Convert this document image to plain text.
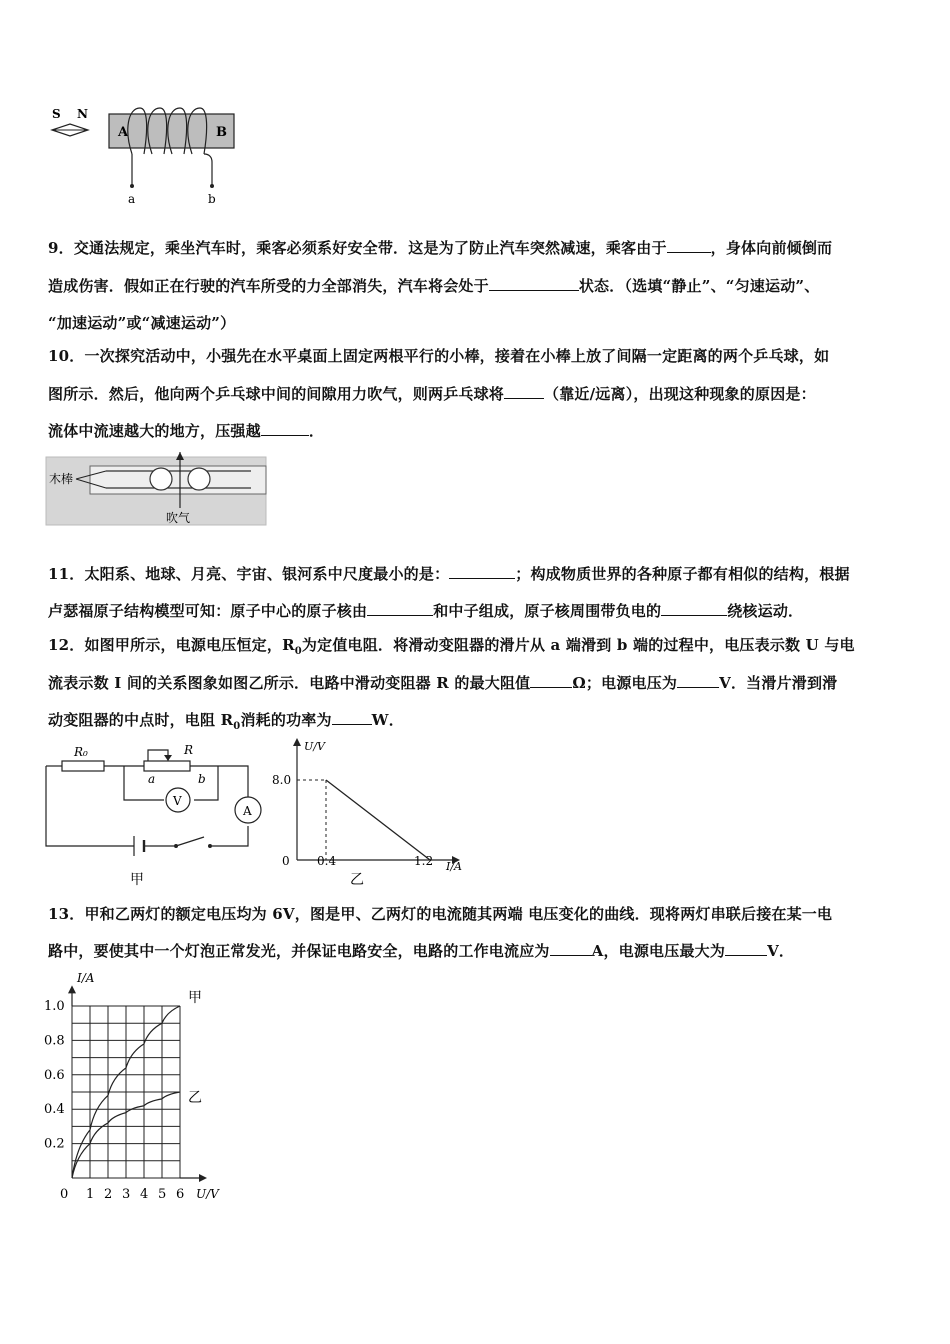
S N
A	B
a	b
9．交通法规定，乘坐汽车时，乘客必须系好安全带．这是为了防止汽车突然减速，乘客由于	，身体向前倾倒而
造成伤害．假如正在行驶的汽车所受的力全部消失，汽车将会处于	状态．（选填“静止”、“匀速运动”、
“加速运动”或“减速运动”）
10．一次探究活动中，小强先在水平桌面上固定两根平行的小棒，接着在小棒上放了间隔一定距离的两个乒乓球，如
图所示．然后，他向两个乒乓球中间的间隙用力吹气，则两乒乓球将	（靠近/远离），出现这种现象的原因是：
流体中流速越大的地方，压强越	．
木棒
吹气
11．太阳系、地球、月亮、宇宙、银河系中尺度最小的是：	；构成物质世界的各种原子都有相似的结构，根据
卢瑟福原子结构模型可知：原子中心的原子核由	和中子组成，原子核周围带负电的	绕核运动．
12．如图甲所示，电源电压恒定，$R_0$为定值电阻．将滑动变阻器的滑片从 a 端滑到 b 端的过程中，电压表示数 U 与电
流表示数 I 间的关系图象如图乙所示．电路中滑动变阻器 R 的最大阻值	Ω；电源电压为	V．当滑片滑到滑
动变阻器的中点时，电阻 $R_0$消耗的功率为	W．
V
A
R₀	R
a	b
甲
U/V
I/A
8.0
0 0.4	1.2
乙
13．甲和乙两灯的额定电压均为 6V，图是甲、乙两灯的电流随其两端 电压变化的曲线．现将两灯串联后接在某一电
路中，要使其中一个灯泡正常发光，并保证电路安全，电路的工作电流应为	A，电源电压最大为	V．
0.2
0.4
0.6
0.8
1.0
0 1 2 3 4 5 6
甲
乙
I/A
U/V
